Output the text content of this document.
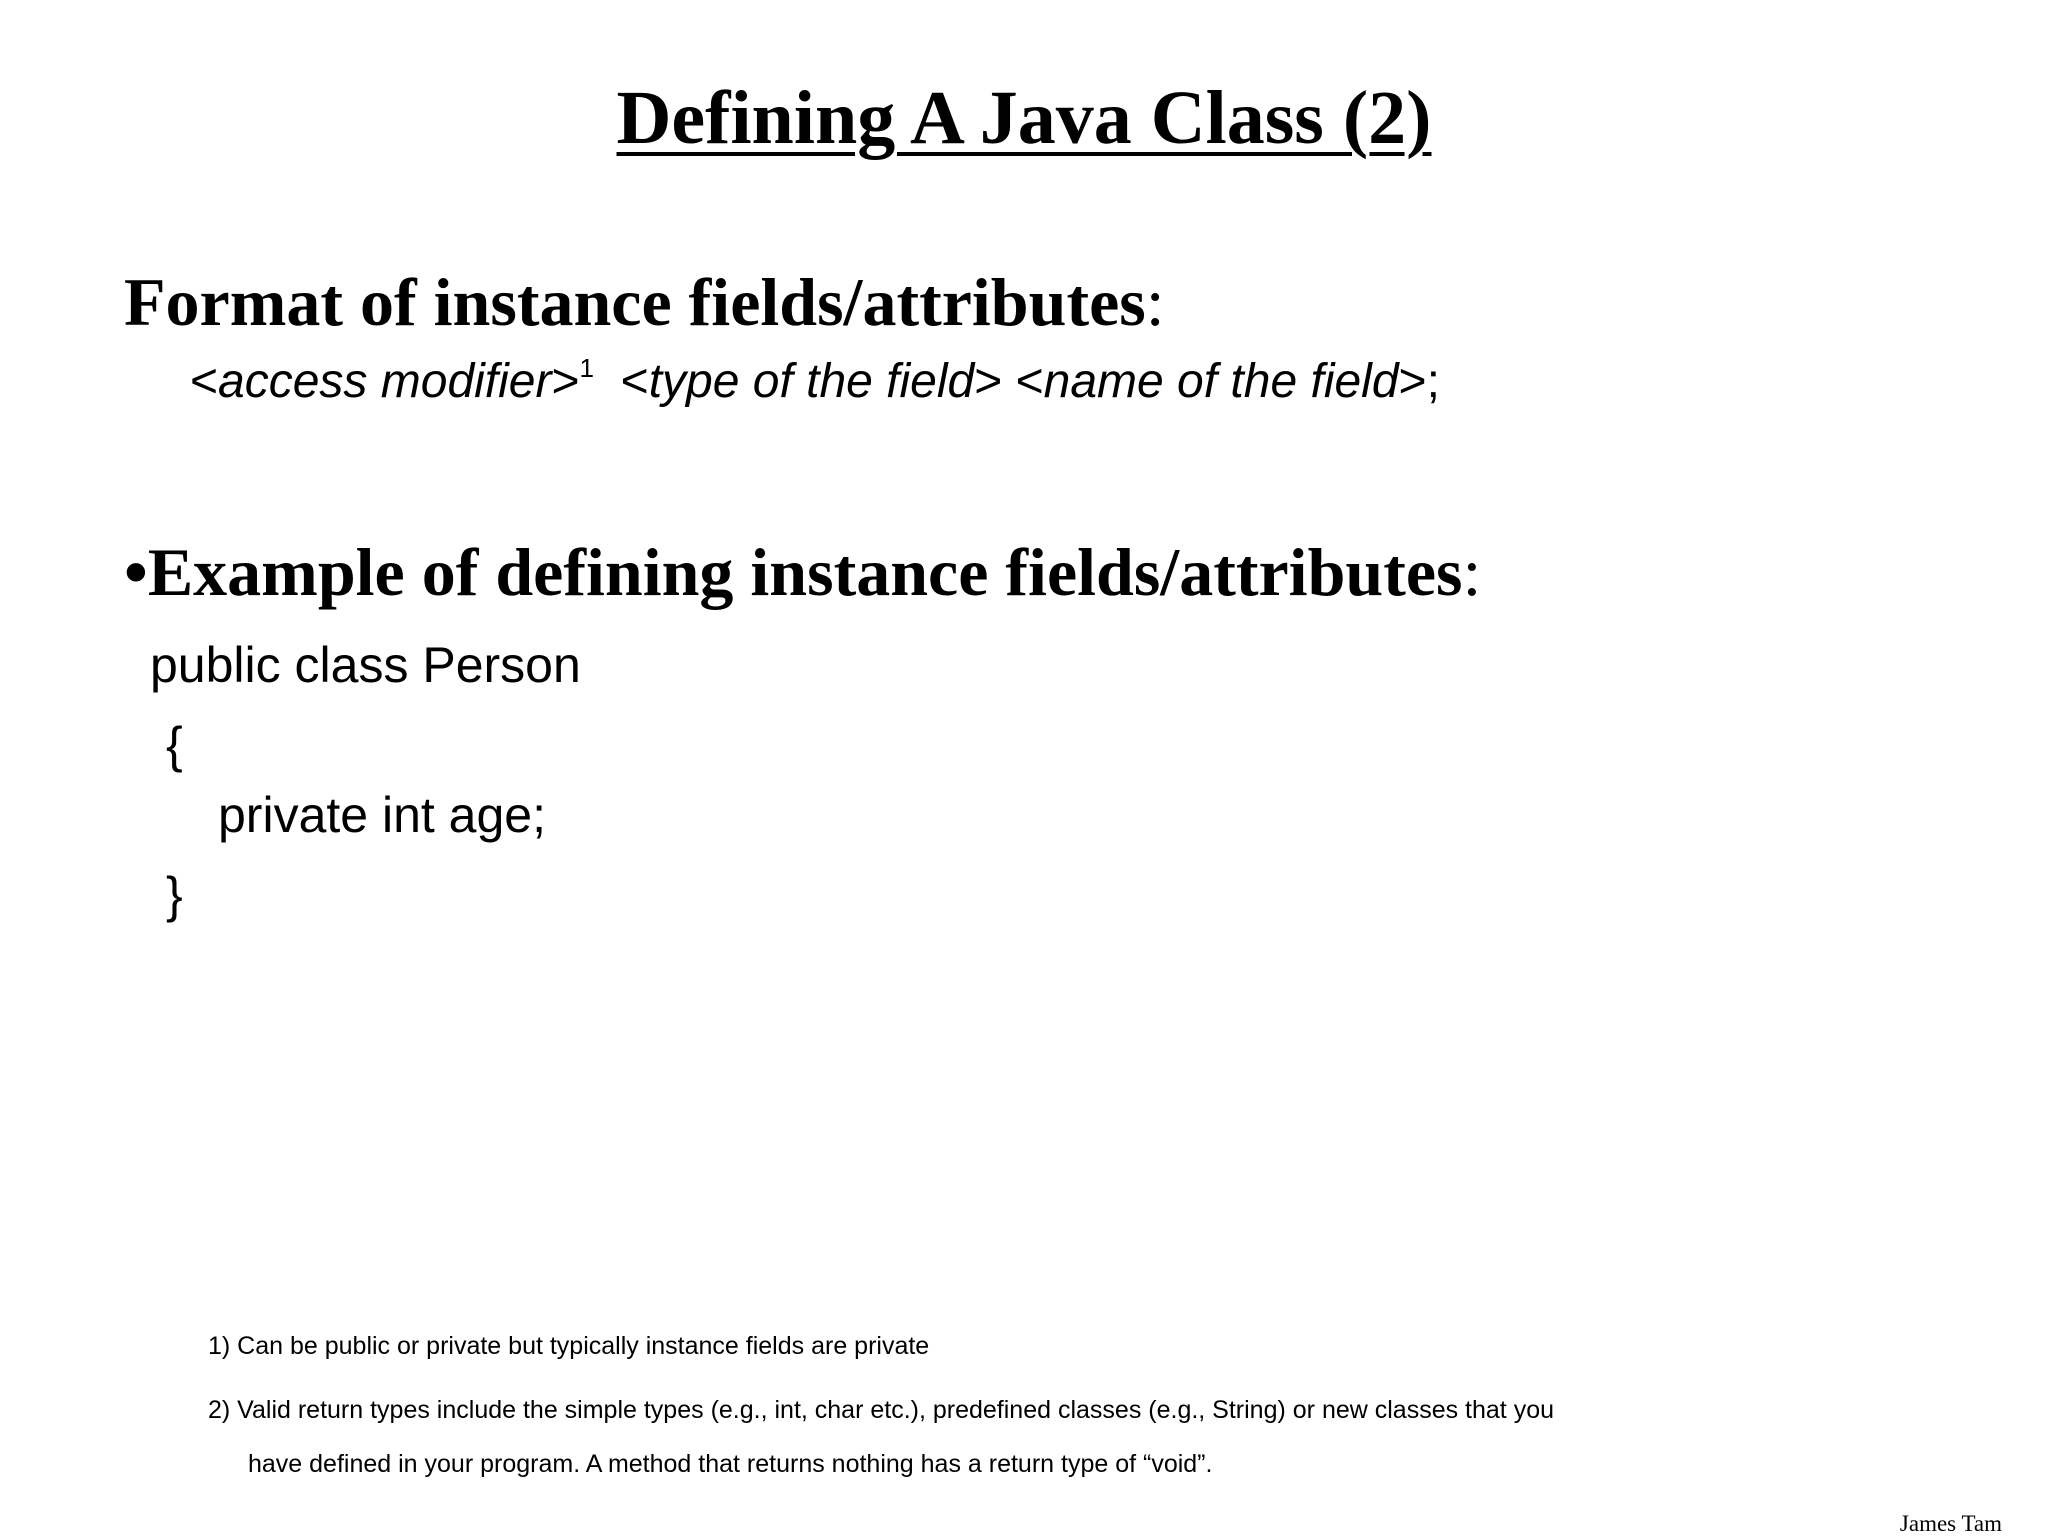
Defining A Java Class (2)
Format of instance fields/attributes:
<access modifier>$^1$  <type of the field> <name of the field>;
•Example of defining instance fields/attributes:
public class Person
{
private int age;
}
1) Can be public or private but typically instance fields are private
2) Valid return types include the simple types (e.g., int, char etc.), predefined classes (e.g., String) or new classes that you
have defined in your program. A method that returns nothing has a return type of “void”.
James Tam
